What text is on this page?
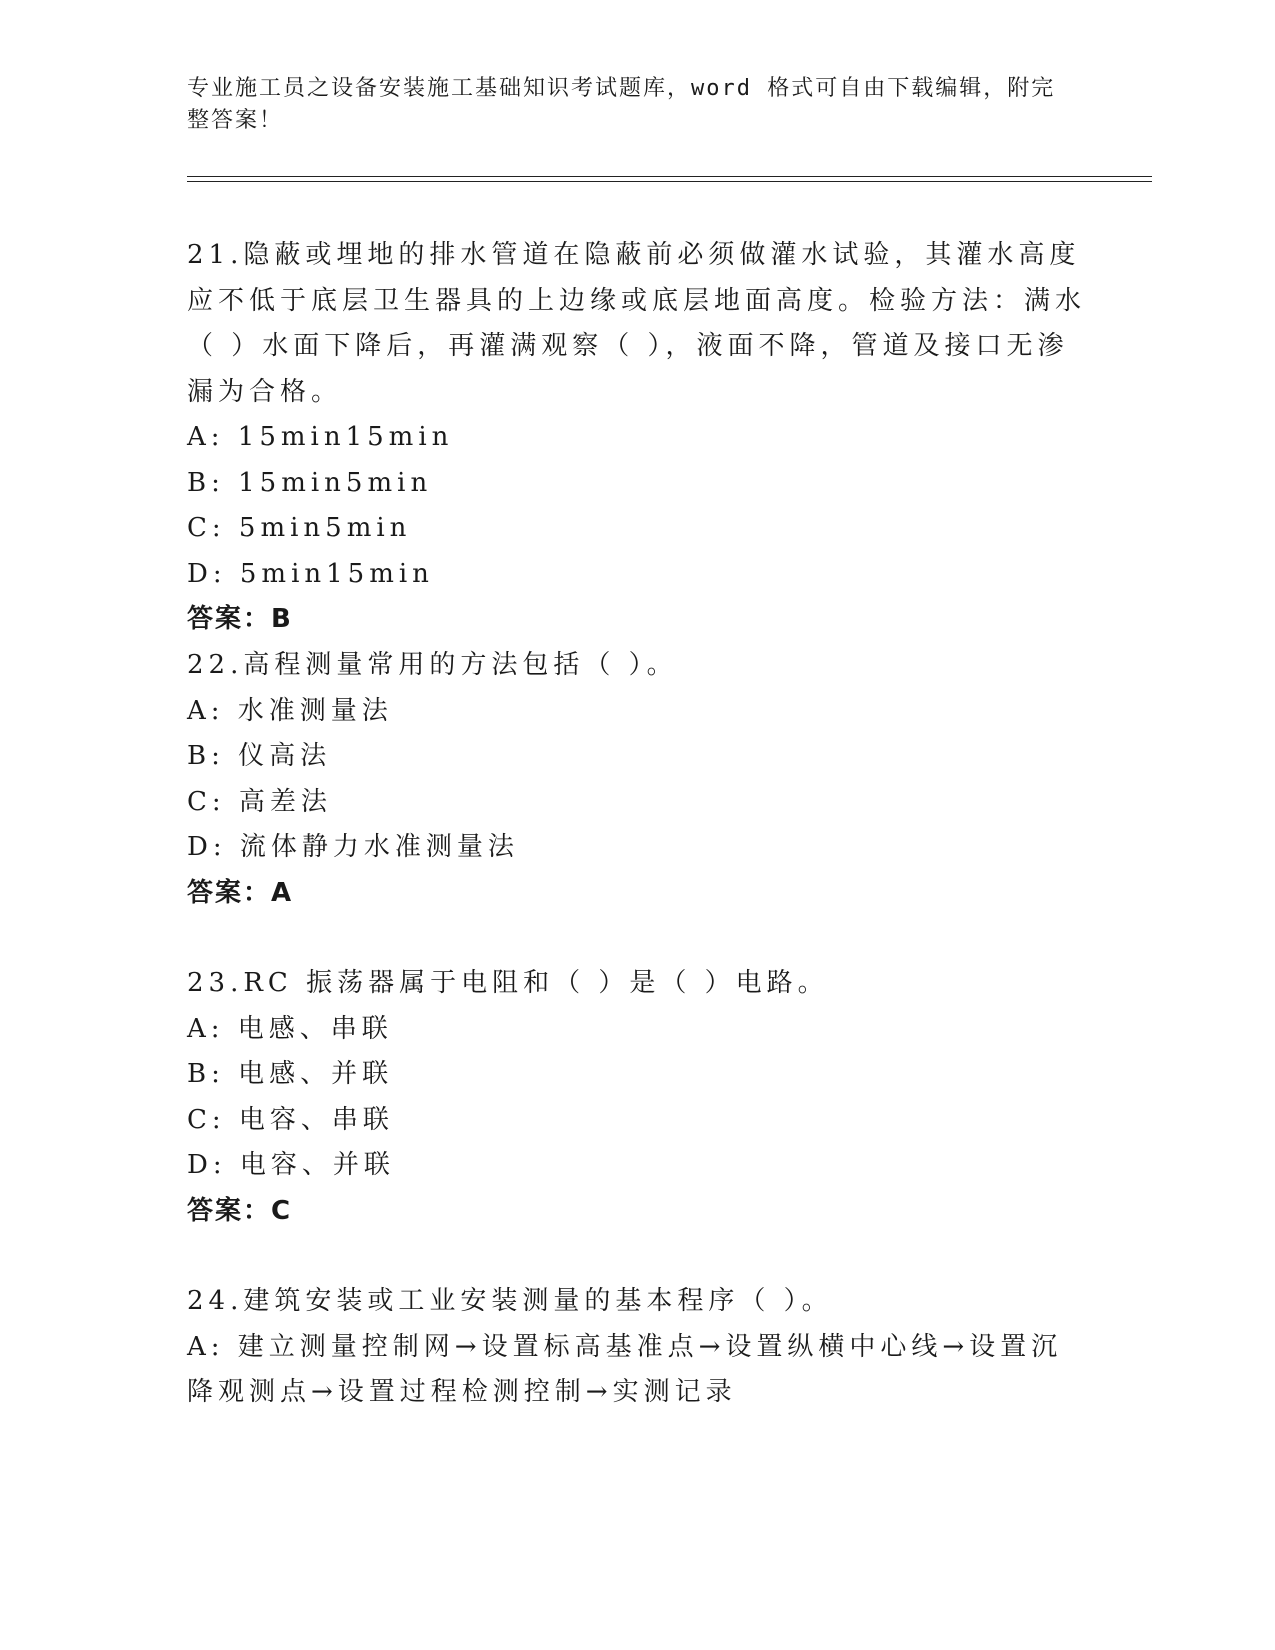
专业施工员之设备安装施工基础知识考试题库，word 格式可自由下载编辑，附完整答案！
21.隐蔽或埋地的排水管道在隐蔽前必须做灌水试验，其灌水高度应不低于底层卫生器具的上边缘或底层地面高度。检验方法：满水（ ）水面下降后，再灌满观察（ ），液面不降，管道及接口无渗漏为合格。
A: 15min15min
B: 15min5min
C: 5min5min
D: 5min15min
答案：B
22.高程测量常用的方法包括（ ）。
A: 水准测量法
B: 仪高法
C: 高差法
D: 流体静力水准测量法
答案：A
23.RC 振荡器属于电阻和（ ）是（ ）电路。
A: 电感、串联
B: 电感、并联
C: 电容、串联
D: 电容、并联
答案：C
24.建筑安装或工业安装测量的基本程序（ ）。
A: 建立测量控制网→设置标高基准点→设置纵横中心线→设置沉降观测点→设置过程检测控制→实测记录
